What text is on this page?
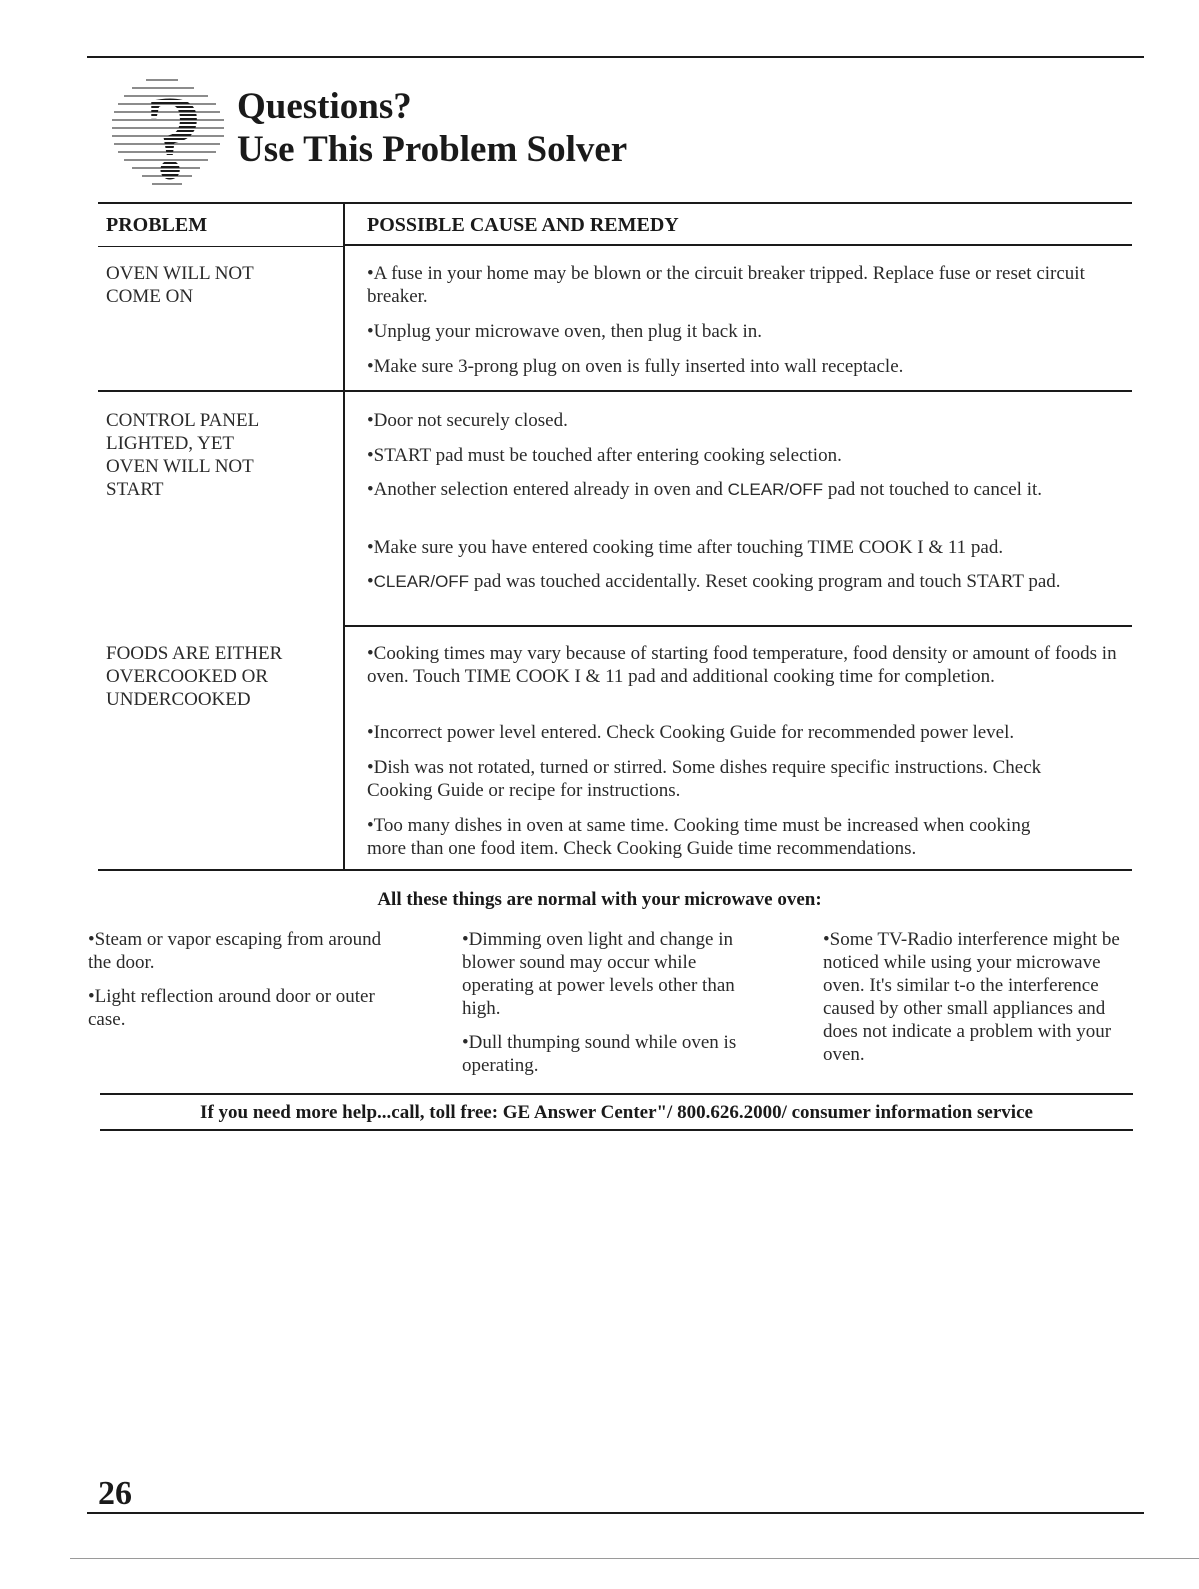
Questions?
Use This Problem Solver
PROBLEM	POSSIBLE CAUSE AND REMEDY
OVEN WILL NOT
COME ON
•A fuse in your home may be blown or the circuit breaker tripped. Replace fuse or reset circuit breaker.
•Unplug your microwave oven, then plug it back in.
•Make sure 3-prong plug on oven is fully inserted into wall receptacle.
CONTROL PANEL
LIGHTED, YET
OVEN WILL NOT
START
•Door not securely closed.
•START pad must be touched after entering cooking selection.
•Another selection entered already in oven and CLEAR/OFF pad not touched to cancel it.
•Make sure you have entered cooking time after touching TIME COOK I & 11 pad.
•CLEAR/OFF pad was touched accidentally. Reset cooking program and touch START pad.
FOODS ARE EITHER
OVERCOOKED OR
UNDERCOOKED
•Cooking times may vary because of starting food temperature, food density or amount of foods in oven. Touch TIME COOK I & 11 pad and additional cooking time for completion.
•Incorrect power level entered. Check Cooking Guide for recommended power level.
•Dish was not rotated, turned or stirred. Some dishes require specific instructions. Check Cooking Guide or recipe for instructions.
•Too many dishes in oven at same time. Cooking time must be increased when cooking more than one food item. Check Cooking Guide time recommendations.
All these things are normal with your microwave oven:

•Steam or vapor escaping from around the door.

•Light reflection around door or outer case.

•Dimming oven light and change in blower sound may occur while operating at power levels other than high.

•Dull thumping sound while oven is operating.

•Some TV-Radio interference might be noticed while using your microwave oven. It's similar t-o the interference caused by other small appliances and does not indicate a problem with your oven.

If you need more help...call, toll free: GE Answer Center"/ 800.626.2000/ consumer information service
26
